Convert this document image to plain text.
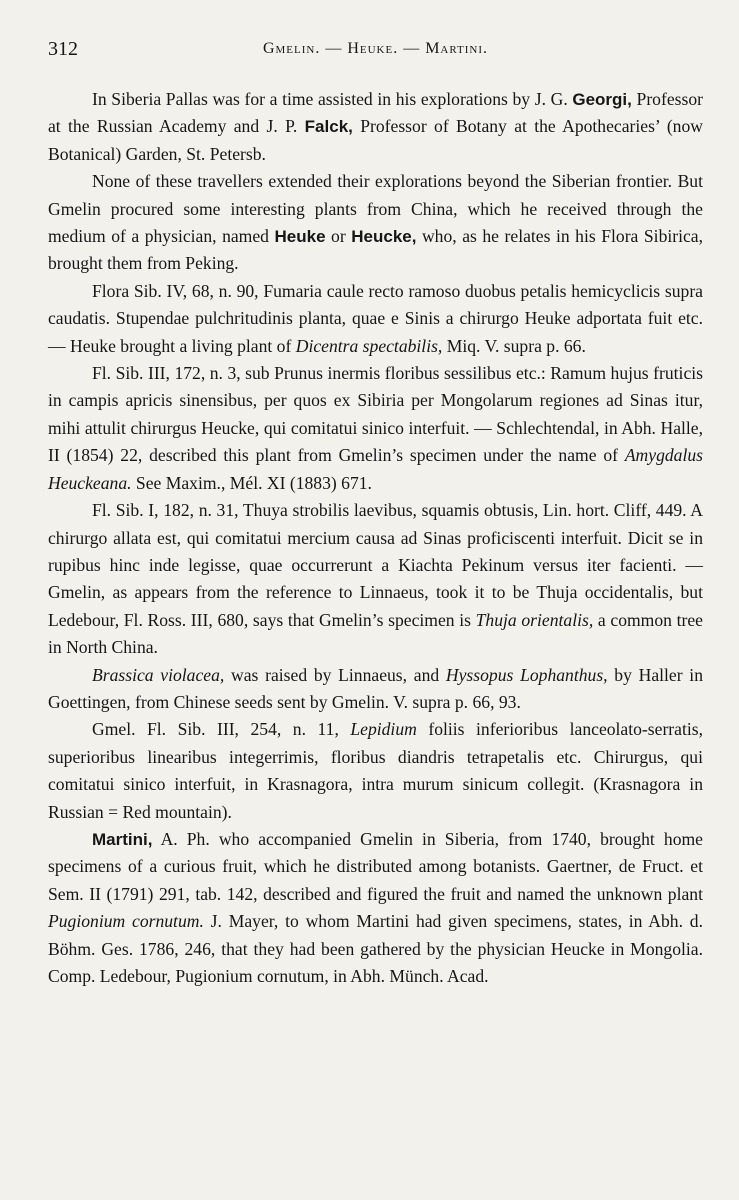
312	Gmelin. — Heuke. — Martini.

In Siberia Pallas was for a time assisted in his explorations by J. G. Georgi, Professor at the Russian Academy and J. P. Falck, Professor of Botany at the Apothecaries’ (now Botanical) Garden, St. Petersb.

None of these travellers extended their explorations beyond the Siberian frontier. But Gmelin procured some interesting plants from China, which he received through the medium of a physician, named Heuke or Heucke, who, as he relates in his Flora Sibirica, brought them from Peking.

Flora Sib. IV, 68, n. 90, Fumaria caule recto ramoso duobus petalis hemicyclicis supra caudatis. Stupendae pulchritudinis planta, quae e Sinis a chirurgo Heuke adportata fuit etc. — Heuke brought a living plant of Dicentra spectabilis, Miq. V. supra p. 66.

Fl. Sib. III, 172, n. 3, sub Prunus inermis floribus sessilibus etc.: Ramum hujus fruticis in campis apricis sinensibus, per quos ex Sibiria per Mongolarum regiones ad Sinas itur, mihi attulit chirurgus Heucke, qui comitatui sinico interfuit. — Schlechtendal, in Abh. Halle, II (1854) 22, described this plant from Gmelin’s specimen under the name of Amygdalus Heuckeana. See Maxim., Mél. XI (1883) 671.

Fl. Sib. I, 182, n. 31, Thuya strobilis laevibus, squamis obtusis, Lin. hort. Cliff, 449. A chirurgo allata est, qui comitatui mercium causa ad Sinas proficiscenti interfuit. Dicit se in rupibus hinc inde legisse, quae occurrerunt a Kiachta Pekinum versus iter facienti. — Gmelin, as appears from the reference to Linnaeus, took it to be Thuja occidentalis, but Ledebour, Fl. Ross. III, 680, says that Gmelin’s specimen is Thuja orientalis, a common tree in North China.

Brassica violacea, was raised by Linnaeus, and Hyssopus Lophanthus, by Haller in Goettingen, from Chinese seeds sent by Gmelin. V. supra p. 66, 93.

Gmel. Fl. Sib. III, 254, n. 11, Lepidium foliis inferioribus lanceolato-serratis, superioribus linearibus integerrimis, floribus diandris tetrapetalis etc. Chirurgus, qui comitatui sinico interfuit, in Krasnagora, intra murum sinicum collegit. (Krasnagora in Russian = Red mountain).

Martini, A. Ph. who accompanied Gmelin in Siberia, from 1740, brought home specimens of a curious fruit, which he distributed among botanists. Gaertner, de Fruct. et Sem. II (1791) 291, tab. 142, described and figured the fruit and named the unknown plant Pugionium cornutum. J. Mayer, to whom Martini had given specimens, states, in Abh. d. Böhm. Ges. 1786, 246, that they had been gathered by the physician Heucke in Mongolia. Comp. Ledebour, Pugionium cornutum, in Abh. Münch. Acad.
